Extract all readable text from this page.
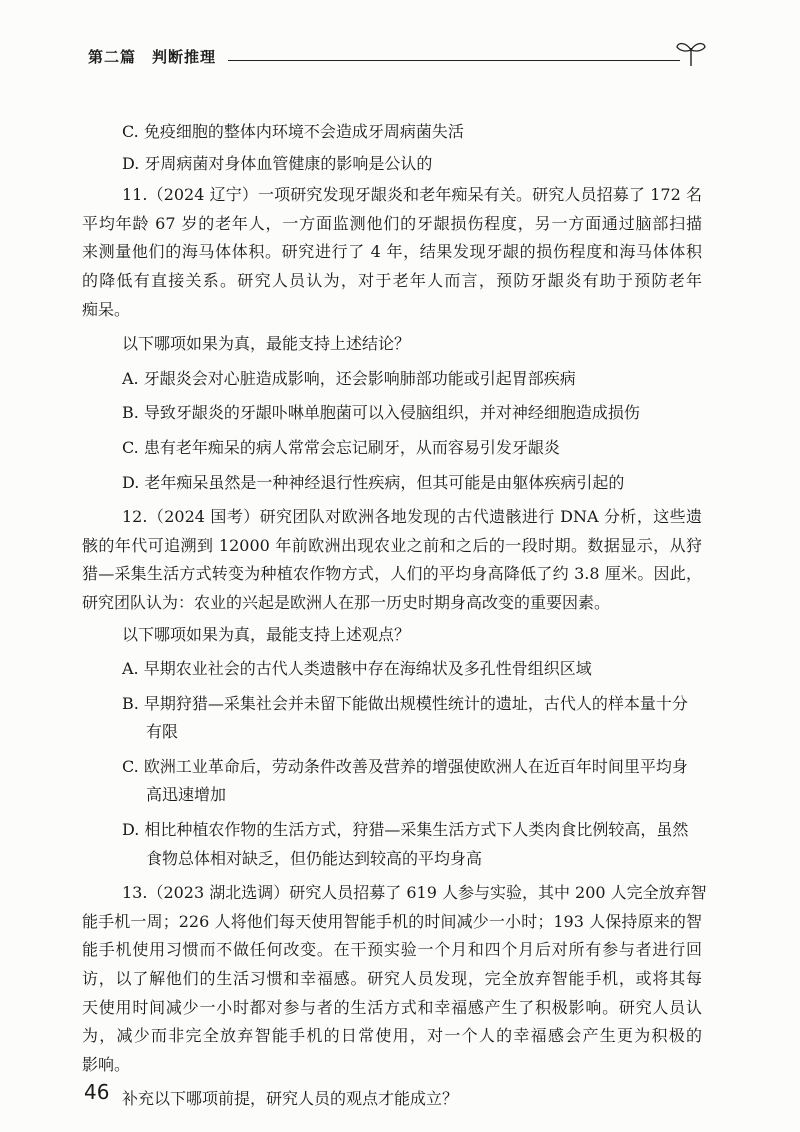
第二篇　判断推理
C. 免疫细胞的整体内环境不会造成牙周病菌失活
D. 牙周病菌对身体血管健康的影响是公认的
11.（2024 辽宁）一项研究发现牙龈炎和老年痴呆有关。研究人员招募了 172 名
平均年龄 67 岁的老年人，一方面监测他们的牙龈损伤程度，另一方面通过脑部扫描
来测量他们的海马体体积。研究进行了 4 年，结果发现牙龈的损伤程度和海马体体积
的降低有直接关系。研究人员认为，对于老年人而言，预防牙龈炎有助于预防老年
痴呆。
以下哪项如果为真，最能支持上述结论？
A. 牙龈炎会对心脏造成影响，还会影响肺部功能或引起胃部疾病
B. 导致牙龈炎的牙龈卟啉单胞菌可以入侵脑组织，并对神经细胞造成损伤
C. 患有老年痴呆的病人常常会忘记刷牙，从而容易引发牙龈炎
D. 老年痴呆虽然是一种神经退行性疾病，但其可能是由躯体疾病引起的
12.（2024 国考）研究团队对欧洲各地发现的古代遗骸进行 DNA 分析，这些遗
骸的年代可追溯到 12000 年前欧洲出现农业之前和之后的一段时期。数据显示，从狩
猎—采集生活方式转变为种植农作物方式，人们的平均身高降低了约 3.8 厘米。因此，
研究团队认为：农业的兴起是欧洲人在那一历史时期身高改变的重要因素。
以下哪项如果为真，最能支持上述观点？
A. 早期农业社会的古代人类遗骸中存在海绵状及多孔性骨组织区域
B. 早期狩猎—采集社会并未留下能做出规模性统计的遗址，古代人的样本量十分
有限
C. 欧洲工业革命后，劳动条件改善及营养的增强使欧洲人在近百年时间里平均身
高迅速增加
D. 相比种植农作物的生活方式，狩猎—采集生活方式下人类肉食比例较高，虽然
食物总体相对缺乏，但仍能达到较高的平均身高
13.（2023 湖北选调）研究人员招募了 619 人参与实验，其中 200 人完全放弃智
能手机一周；226 人将他们每天使用智能手机的时间减少一小时；193 人保持原来的智
能手机使用习惯而不做任何改变。在干预实验一个月和四个月后对所有参与者进行回
访，以了解他们的生活习惯和幸福感。研究人员发现，完全放弃智能手机，或将其每
天使用时间减少一小时都对参与者的生活方式和幸福感产生了积极影响。研究人员认
为，减少而非完全放弃智能手机的日常使用，对一个人的幸福感会产生更为积极的
影响。
补充以下哪项前提，研究人员的观点才能成立？
46
